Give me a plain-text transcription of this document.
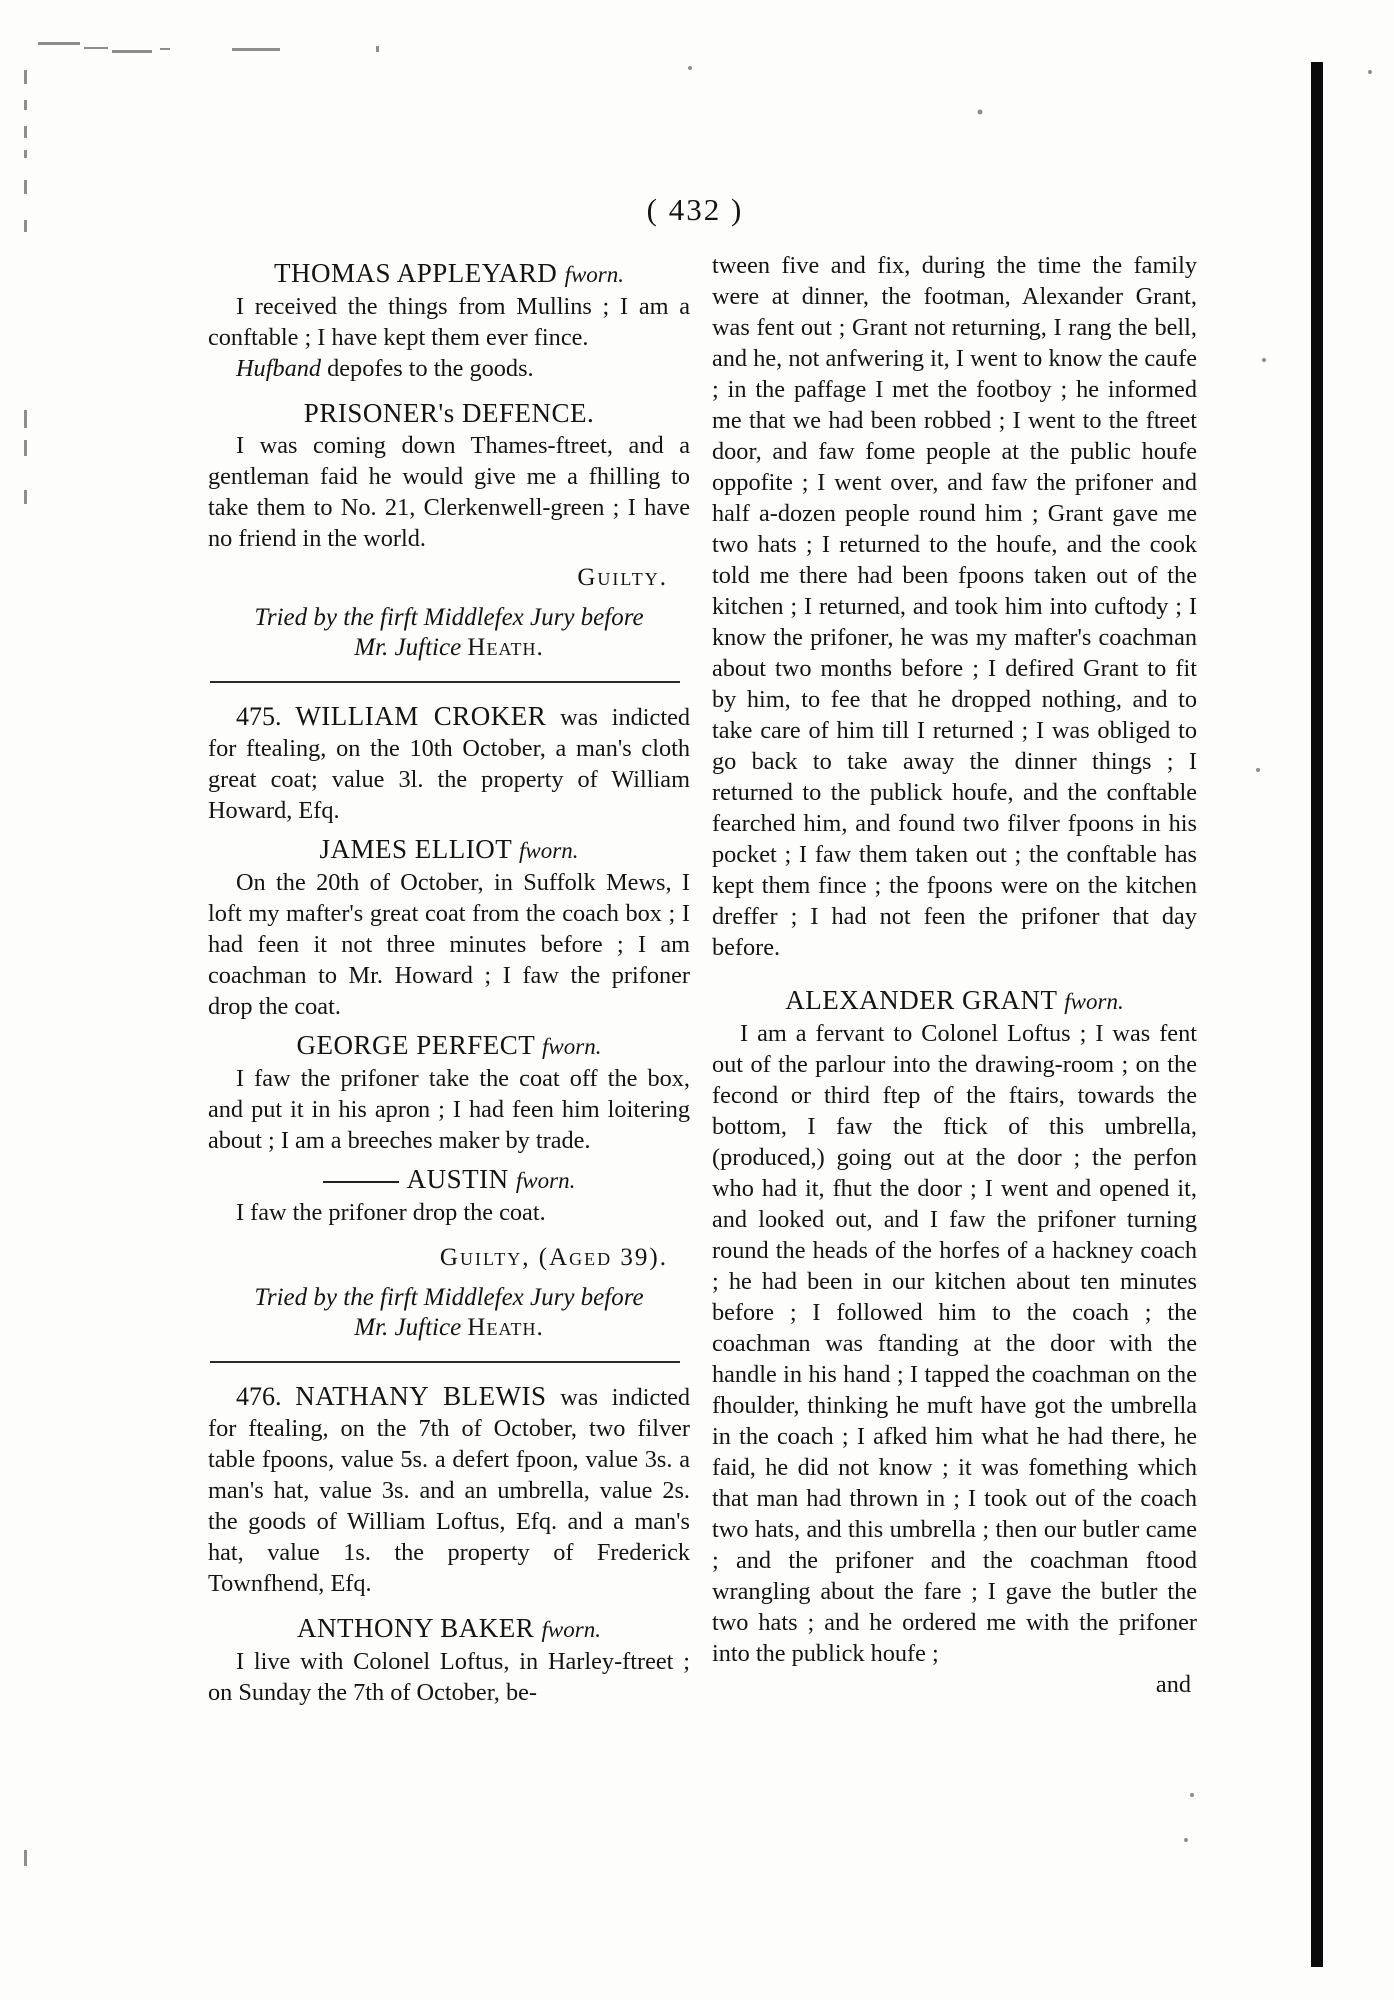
( 432 )
THOMAS APPLEYARD fworn.

I received the things from Mullins ; I am a conftable ; I have kept them ever fince.

Hufband depofes to the goods.

PRISONER's DEFENCE.

I was coming down Thames-ftreet, and a gentleman faid he would give me a fhilling to take them to No. 21, Clerkenwell-green ; I have no friend in the world.

Guilty.
Tried by the firft Middlefex Jury before
Mr. Juftice Heath.

475. WILLIAM CROKER was indicted for ftealing, on the 10th October, a man's cloth great coat; value 3l. the property of William Howard, Efq.

JAMES ELLIOT fworn.

On the 20th of October, in Suffolk Mews, I loft my mafter's great coat from the coach box ; I had feen it not three minutes before ; I am coachman to Mr. Howard ; I faw the prifoner drop the coat.

GEORGE PERFECT fworn.

I faw the prifoner take the coat off the box, and put it in his apron ; I had feen him loitering about ; I am a breeches maker by trade.

AUSTIN fworn.

I faw the prifoner drop the coat.

Guilty, (Aged 39).
Tried by the firft Middlefex Jury before
Mr. Juftice Heath.

476. NATHANY BLEWIS was indicted for ftealing, on the 7th of October, two filver table fpoons, value 5s. a defert fpoon, value 3s. a man's hat, value 3s. and an umbrella, value 2s. the goods of William Loftus, Efq. and a man's hat, value 1s. the property of Frederick Townfhend, Efq.

ANTHONY BAKER fworn.

I live with Colonel Loftus, in Harley-ftreet ; on Sunday the 7th of October, be-

tween five and fix, during the time the family were at dinner, the footman, Alexander Grant, was fent out ; Grant not returning, I rang the bell, and he, not anfwering it, I went to know the caufe ; in the paffage I met the footboy ; he informed me that we had been robbed ; I went to the ftreet door, and faw fome people at the public houfe oppofite ; I went over, and faw the prifoner and half a-dozen people round him ; Grant gave me two hats ; I returned to the houfe, and the cook told me there had been fpoons taken out of the kitchen ; I returned, and took him into cuftody ; I know the prifoner, he was my mafter's coachman about two months before ; I defired Grant to fit by him, to fee that he dropped nothing, and to take care of him till I returned ; I was obliged to go back to take away the dinner things ; I returned to the publick houfe, and the conftable fearched him, and found two filver fpoons in his pocket ; I faw them taken out ; the conftable has kept them fince ; the fpoons were on the kitchen dreffer ; I had not feen the prifoner that day before.

ALEXANDER GRANT fworn.

I am a fervant to Colonel Loftus ; I was fent out of the parlour into the drawing-room ; on the fecond or third ftep of the ftairs, towards the bottom, I faw the ftick of this umbrella, (produced,) going out at the door ; the perfon who had it, fhut the door ; I went and opened it, and looked out, and I faw the prifoner turning round the heads of the horfes of a hackney coach ; he had been in our kitchen about ten minutes before ; I followed him to the coach ; the coachman was ftanding at the door with the handle in his hand ; I tapped the coachman on the fhoulder, thinking he muft have got the umbrella in the coach ; I afked him what he had there, he faid, he did not know ; it was fomething which that man had thrown in ; I took out of the coach two hats, and this umbrella ; then our butler came ; and the prifoner and the coachman ftood wrangling about the fare ; I gave the butler the two hats ; and he ordered me with the prifoner into the publick houfe ;

and
